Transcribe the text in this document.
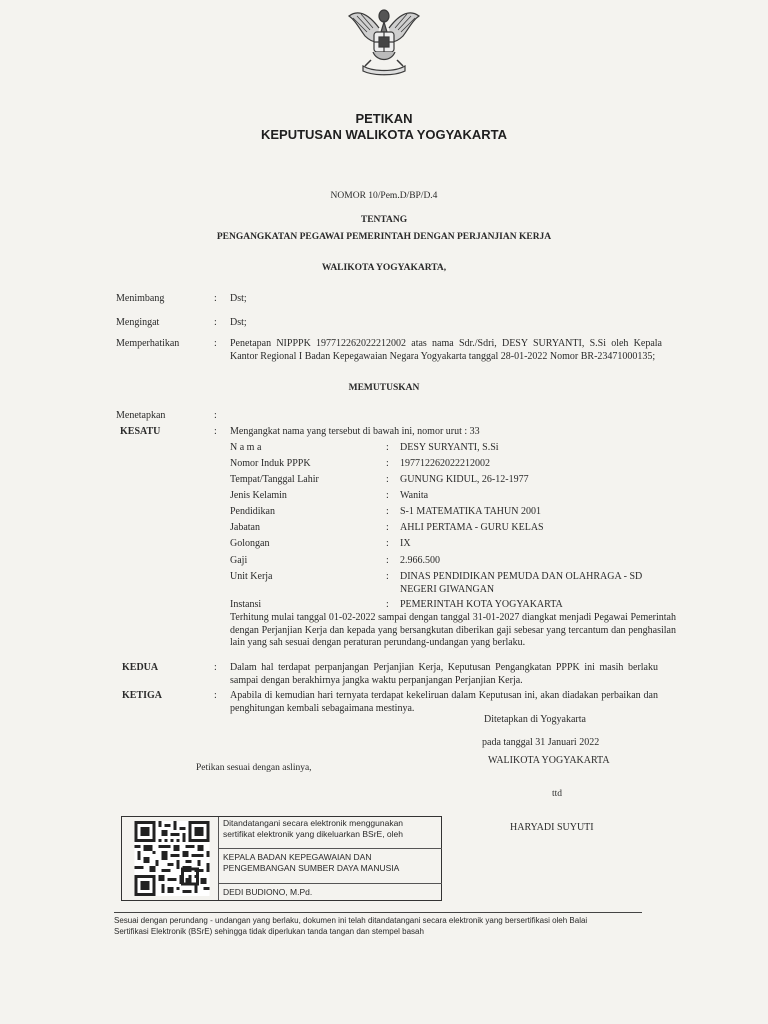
PETIKAN
KEPUTUSAN WALIKOTA YOGYAKARTA
NOMOR 10/Pem.D/BP/D.4
TENTANG
PENGANGKATAN PEGAWAI PEMERINTAH DENGAN PERJANJIAN KERJA
WALIKOTA YOGYAKARTA,
Menimbang	: Dst;
Mengingat	: Dst;
Memperhatikan	: Penetapan NIPPPK 197712262022212002 atas nama Sdr./Sdri, DESY SURYANTI, S.Si oleh Kepala Kantor Regional I Badan Kepegawaian Negara Yogyakarta tanggal 28-01-2022 Nomor BR-23471000135;
MEMUTUSKAN
Menetapkan	:
KESATU	: Mengangkat nama yang tersebut di bawah ini, nomor urut : 33
N a m a	: DESY SURYANTI, S.Si
Nomor Induk PPPK	: 197712262022212002
Tempat/Tanggal Lahir	: GUNUNG KIDUL, 26-12-1977
Jenis Kelamin	: Wanita
Pendidikan	: S-1 MATEMATIKA TAHUN 2001
Jabatan	: AHLI PERTAMA - GURU KELAS
Golongan	: IX
Gaji	: 2.966.500
Unit Kerja	: DINAS PENDIDIKAN PEMUDA DAN OLAHRAGA - SD NEGERI GIWANGAN
Instansi	: PEMERINTAH KOTA YOGYAKARTA
Terhitung mulai tanggal 01-02-2022 sampai dengan tanggal 31-01-2027 diangkat menjadi Pegawai Pemerintah dengan Perjanjian Kerja dan kepada yang bersangkutan diberikan gaji sebesar yang tercantum dan penghasilan lain yang sah sesuai dengan peraturan perundang-undangan yang berlaku.
KEDUA	: Dalam hal terdapat perpanjangan Perjanjian Kerja, Keputusan Pengangkatan PPPK ini masih berlaku sampai dengan berakhirnya jangka waktu perpanjangan Perjanjian Kerja.
KETIGA	: Apabila di kemudian hari ternyata terdapat kekeliruan dalam Keputusan ini, akan diadakan perbaikan dan penghitungan kembali sebagaimana mestinya.
Ditetapkan di Yogyakarta
pada tanggal 31 Januari 2022
WALIKOTA YOGYAKARTA
Petikan sesuai dengan aslinya,
ttd
HARYADI SUYUTI
Ditandatangani secara elektronik menggunakan
sertifikat elektronik yang dikeluarkan BSrE, oleh
KEPALA BADAN KEPEGAWAIAN DAN
PENGEMBANGAN SUMBER DAYA MANUSIA
DEDI BUDIONO, M.Pd.
Sesuai dengan perundang - undangan yang berlaku, dokumen ini telah ditandatangani secara elektronik yang bersertifikasi oleh Balai
Sertifikasi Elektronik (BSrE) sehingga tidak diperlukan tanda tangan dan stempel basah
